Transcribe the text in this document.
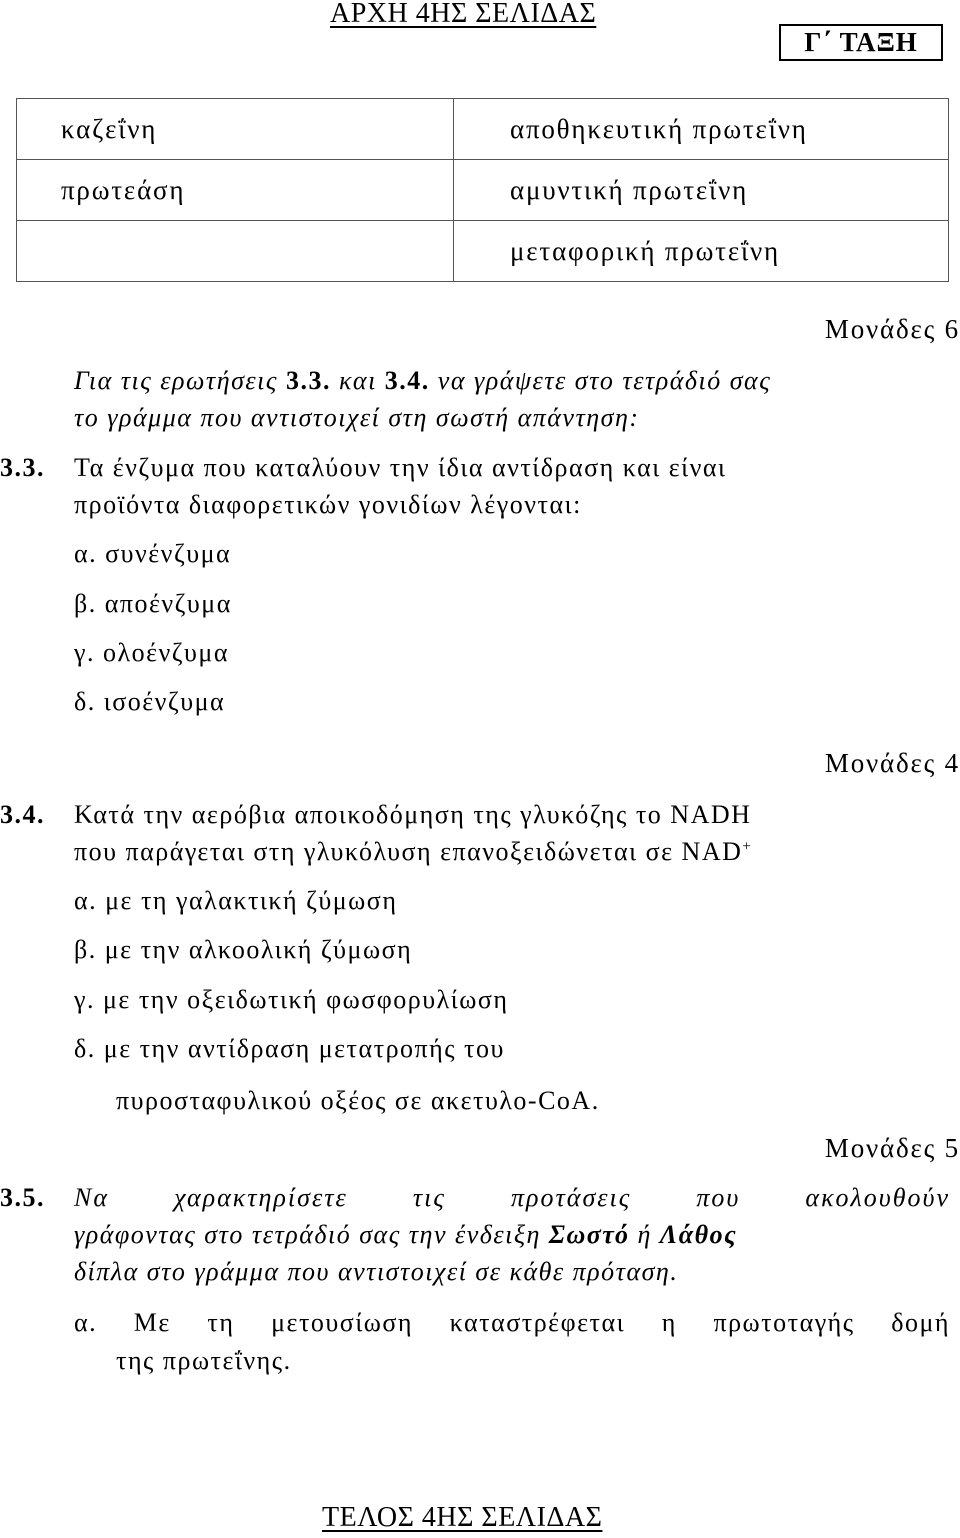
ΑΡΧΗ 4ΗΣ ΣΕΛΙΔΑΣ
Γ΄ ΤΑΞΗ
καζεΐνη	αποθηκευτική πρωτεΐνη
πρωτεάση	αμυντική πρωτεΐνη
	μεταφορική πρωτεΐνη
Μονάδες 6
Για τις ερωτήσεις 3.3. και 3.4. να γράψετε στο τετράδιό σας
το γράμμα που αντιστοιχεί στη σωστή απάντηση:
3.3. Τα ένζυμα που καταλύουν την ίδια αντίδραση και είναι
προϊόντα διαφορετικών γονιδίων λέγονται:
α. συνένζυμα
β. αποένζυμα
γ. ολοένζυμα
δ. ισοένζυμα
Μονάδες 4
3.4. Κατά την αερόβια αποικοδόμηση της γλυκόζης το NADH
που παράγεται στη γλυκόλυση επανοξειδώνεται σε NAD+
α. με τη γαλακτική ζύμωση
β. με την αλκοολική ζύμωση
γ. με την οξειδωτική φωσφορυλίωση
δ. με την αντίδραση μετατροπής του
πυροσταφυλικού οξέος σε ακετυλο-CoA.
Μονάδες 5
3.5. Να χαρακτηρίσετε τις προτάσεις που ακολουθούν
γράφοντας στο τετράδιό σας την ένδειξη Σωστό ή Λάθος
δίπλα στο γράμμα που αντιστοιχεί σε κάθε πρόταση.
α. Με τη μετουσίωση καταστρέφεται η πρωτοταγής δομή
της πρωτεΐνης.
ΤΕΛΟΣ 4ΗΣ ΣΕΛΙΔΑΣ
